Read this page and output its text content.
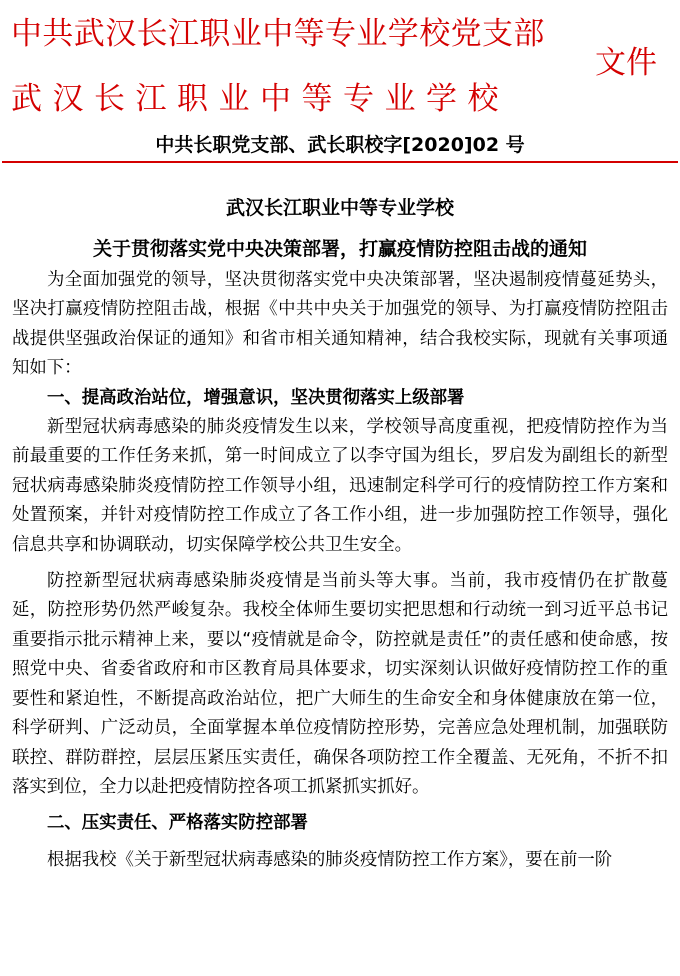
中共武汉长江职业中等专业学校党支部
武汉长江职业中等专业学校
文件
中共长职党支部、武长职校字[2020]02 号
武汉长江职业中等专业学校
关于贯彻落实党中央决策部署，打赢疫情防控阻击战的通知

为全面加强党的领导，坚决贯彻落实党中央决策部署，坚决遏制疫情蔓延势头，坚决打赢疫情防控阻击战，根据《中共中央关于加强党的领导、为打赢疫情防控阻击战提供坚强政治保证的通知》和省市相关通知精神，结合我校实际，现就有关事项通知如下：

一、提高政治站位，增强意识，坚决贯彻落实上级部署

新型冠状病毒感染的肺炎疫情发生以来，学校领导高度重视，把疫情防控作为当前最重要的工作任务来抓，第一时间成立了以李守国为组长，罗启发为副组长的新型冠状病毒感染肺炎疫情防控工作领导小组，迅速制定科学可行的疫情防控工作方案和处置预案，并针对疫情防控工作成立了各工作小组，进一步加强防控工作领导，强化信息共享和协调联动，切实保障学校公共卫生安全。

防控新型冠状病毒感染肺炎疫情是当前头等大事。当前，我市疫情仍在扩散蔓延，防控形势仍然严峻复杂。我校全体师生要切实把思想和行动统一到习近平总书记重要指示批示精神上来，要以“疫情就是命令，防控就是责任”的责任感和使命感，按照党中央、省委省政府和市区教育局具体要求，切实深刻认识做好疫情防控工作的重要性和紧迫性，不断提高政治站位，把广大师生的生命安全和身体健康放在第一位，科学研判、广泛动员，全面掌握本单位疫情防控形势，完善应急处理机制，加强联防联控、群防群控，层层压紧压实责任，确保各项防控工作全覆盖、无死角，不折不扣落实到位，全力以赴把疫情防控各项工抓紧抓实抓好。

二、压实责任、严格落实防控部署

根据我校《关于新型冠状病毒感染的肺炎疫情防控工作方案》，要在前一阶
